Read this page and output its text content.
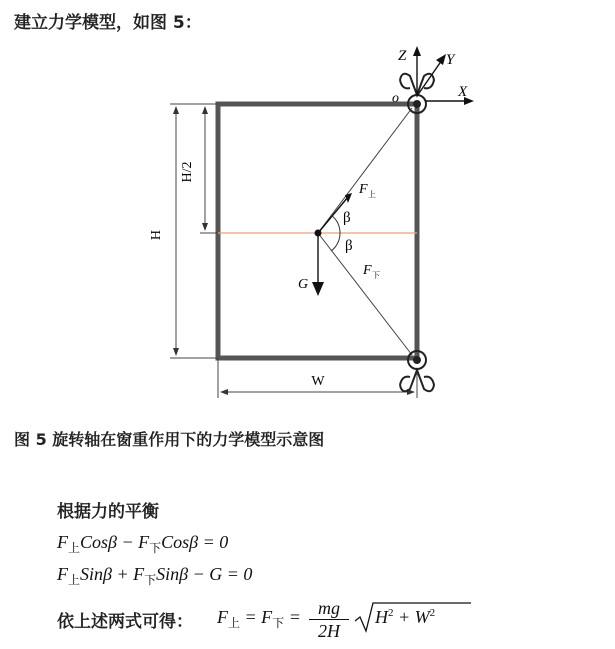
建立力学模型，如图 5：
Z	Y
X
o
H/2
H
W
F 上
F 下
β
β
G
图 5 旋转轴在窗重作用下的力学模型示意图
根据力的平衡
$F_上Cos\beta - F_下Cos\beta = 0$
$F_上Sin\beta + F_下Sin\beta - G = 0$
依上述两式可得： $F_上 = F_下$ = mg
2H
$H^2 + W^2$
